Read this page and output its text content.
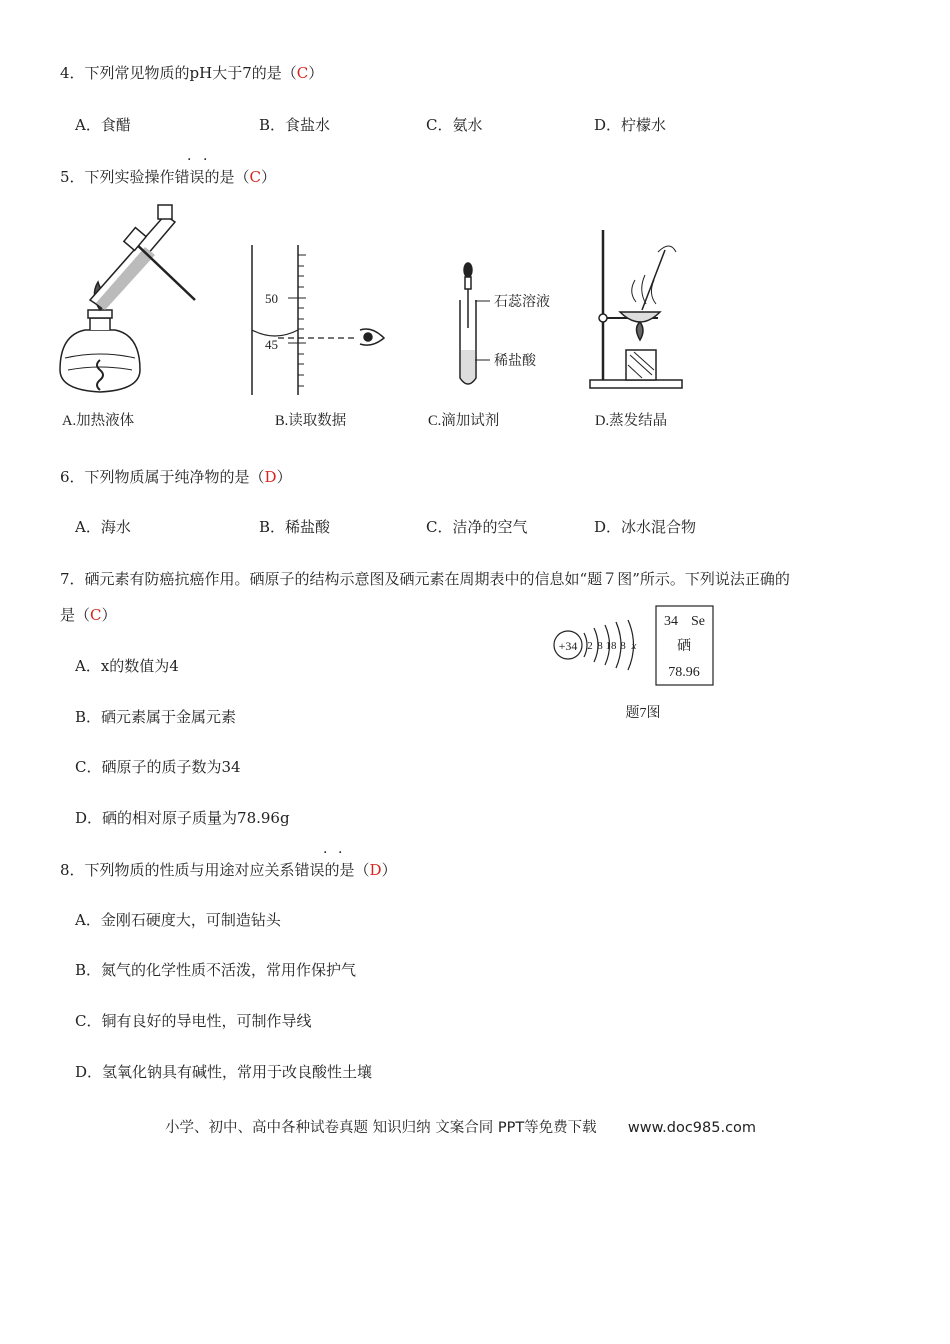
4．下列常见物质的pH大于7的是（C）
A．食醋	B．食盐水	C．氨水	D．柠檬水
· ·
5．下列实验操作错误的是（C）
50
45
石蕊溶液
稀盐酸
A.加热液体	B.读取数据	C.滴加试剂	D.蒸发结晶
6．下列物质属于纯净物的是（D）
A．海水	B．稀盐酸	C．洁净的空气	D．冰水混合物
7．硒元素有防癌抗癌作用。硒原子的结构示意图及硒元素在周期表中的信息如“题７图”所示。下列说法正确的
是（C）
A．x的数值为4
B．硒元素属于金属元素
C．硒原子的质子数为34
D．硒的相对原子质量为78.96g
+34 2 8 18 8 x
34 Se
硒
78.96
题7图
· ·
8．下列物质的性质与用途对应关系错误的是（D）
A．金刚石硬度大，可制造钻头
B．氮气的化学性质不活泼，常用作保护气
C．铜有良好的导电性，可制作导线
D．氢氧化钠具有碱性，常用于改良酸性土壤
小学、初中、高中各种试卷真题 知识归纳 文案合同 PPT等免费下载 www.doc985.com
